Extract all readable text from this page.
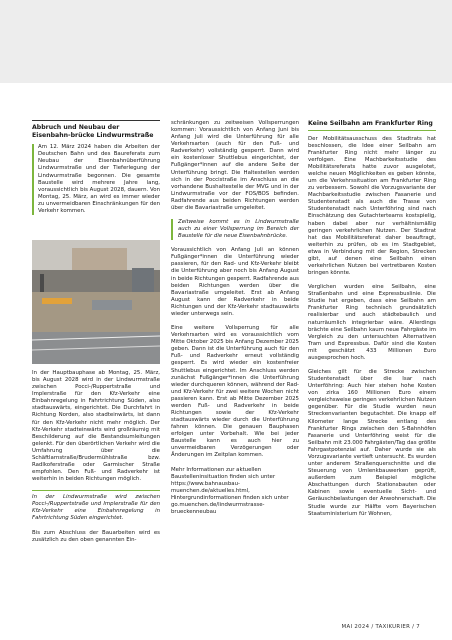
Abbruch und Neubau der Eisenbahn-brücke Lindwurmstraße

Am 12. März 2024 haben die Arbeiten der Deutschen Bahn und des Baureferats zum Neubau der Eisenbahnüberführung Lindwurmstraße und der Tieferlegung der Lindwurmstraße begonnen. Die gesamte Baustelle wird mehrere Jahre lang, voraussichtlich bis August 2028, dauern. Von Montag, 25. März, an wird es immer wieder zu unvermeidbaren Einschränkungen für den Verkehr kommen.

In der Hauptbauphase ab Montag, 25. März, bis August 2028 wird in der Lindwurmstraße zwischen Pocci-/Ruppertstraße und Implerstraße für den Kfz-Verkehr eine Einbahnregelung in Fahrtrichtung Süden, also stadtauswärts, eingerichtet. Die Durchfahrt in Richtung Norden, also stadteinwärts, ist dann für den Kfz-Verkehr nicht mehr möglich. Der Kfz-Verkehr stadteinwärts wird großräumig mit Beschilderung auf die Bestandsumleitungen gelenkt. Für den überörtlichen Verkehr wird die Umfahrung über die Schäftlarnstraße/Brudermühlstraße bzw. Radlkoferstraße oder Garmischer Straße empfohlen. Den Fuß- und Radverkehr ist weiterhin in beiden Richtungen möglich.

In der Lindwurmstraße wird zwischen Pocci-/Ruppertstraße und Implerstraße für den Kfz-Verkehr eine Einbahnregelung in Fahrtrichtung Süden eingerichtet.

Bis zum Abschluss der Bauarbeiten wird es zusätzlich zu den oben genannten Ein-

schränkungen zu zeitweisen Vollsperrungen kommen: Voraussichtlich von Anfang Juni bis Anfang Juli wird die Unterführung für alle Verkehrsarten (auch für den Fuß- und Radverkehr) vollständig gesperrt. Dann wird ein kostenloser Shuttlebus eingerichtet, der Fußgänger*innen auf die andere Seite der Unterführung bringt. Die Haltestellen werden sich in der Poccistraße im Anschluss an die vorhandene Bushaltestelle der MVG und in der Lindwurmstraße vor der FOS/BOS befinden. Radfahrende aus beiden Richtungen werden über die Bavariastraße umgeleitet.

Zeitweise kommt es in Lindwurmstraße auch zu einer Vollsperrung im Bereich der Baustelle für die neue Eisenbahnbrücke.

Voraussichtlich von Anfang Juli an können Fußgänger*innen die Unterführung wieder passieren, für den Rad- und Kfz-Verkehr bleibt die Unterführung aber noch bis Anfang August in beide Richtungen gesperrt. Radfahrende aus beiden Richtungen werden über die Bavariastraße umgeleitet. Erst ab Anfang August kann der Radverkehr in beide Richtungen und der Kfz-Verkehr stadtauswärts wieder unterwegs sein.

Eine weitere Vollsperrung für alle Verkehrsarten wird es voraussichtlich vom Mitte Oktober 2025 bis Anfang Dezember 2025 geben. Dann ist die Unterführung auch für den Fuß- und Radverkehr erneut vollständig gesperrt. Es wird wieder ein kostenfreier Shuttlebus eingerichtet. Im Anschluss werden zunächst Fußgänger*innen die Unterführung wieder durchqueren können, während der Rad- und Kfz-Verkehr für zwei weitere Wochen nicht passieren kann. Erst ab Mitte Dezember 2025 werden Fuß- und Radverkehr in beide Richtungen sowie der Kfz-Verkehr stadtauswärts wieder durch die Unterführung fahren können. Die genauen Bauphasen erfolgen unter Vorbehalt. Wie bei jeder Baustelle kann es auch hier zu unvermeidbaren Verzögerungen oder Änderungen im Zeitplan kommen.

Mehr Informationen zur aktuellen Baustelleninsituation finden sich unter https://www.bahnausbau-muenchen.de/aktuelles.html, Hintergrundinformationen finden sich unter go.muenchen.de/lindwurmstrasse-brueckenneubau

Keine Seilbahn am Frankfurter Ring

Der Mobilitätsausschuss des Stadtrats hat beschlossen, die Idee einer Seilbahn am Frankfurter Ring nicht mehr länger zu verfolgen. Eine Machbarkeitsstudie des Mobilitätsreferats hatte zuvor ausgelotet, welche neuen Möglichkeiten es geben könnte, um die Verkehrssituation am Frankfurter Ring zu verbessern. Sowohl die Vorzugsvariante der Machbarkeitsstudie zwischen Fasanerie und Studentenstadt als auch die Trasse von Studentenstadt nach Unterföhring sind nach Einschätzung des Gutachterteams kostspielig, haben dabei aber nur verhältnismäßig geringen verkehrlichen Nutzen. Der Stadtrat hat das Mobilitätsreferat daher beauftragt, weiterhin zu prüfen, ob es im Stadtgebiet, etwa in Verbindung mit der Region, Strecken gibt, auf denen eine Seilbahn einen verkehrlichen Nutzen bei vertretbaren Kosten bringen könnte.

Verglichen wurden eine Seilbahn, eine Straßenbahn und eine Expressbuslinie. Die Studie hat ergeben, dass eine Seilbahn am Frankfurter Ring technisch grundsätzlich realisierbar und auch städtebaulich und naturräumlich integrierbar wäre. Allerdings brächte eine Seilbahn kaum neue Fahrgäste im Vergleich zu den untersuchten Alternativen Tram und Expressbus. Dafür sind die Kosten mit geschätzt 433 Millionen Euro ausgesprochen hoch.

Gleiches gilt für die Strecke zwischen Studentenstadt über die Isar nach Unterföhring: Auch hier stehen hohe Kosten von zirka 160 Millionen Euro einem vergleichsweise geringen verkehrlichen Nutzen gegenüber. Für die Studie wurden neun Streckenvarianten begutachtet. Die knapp elf Kilometer lange Strecke entlang des Frankfurter Rings zwischen den S-Bahnhöfen Fasanerie und Unterföhring weist für die Seilbahn mit 23.000 Fahrgästen/Tag das größte Fahrgastpotenzial auf. Daher wurde sie als Vorzugsvariante vertieft untersucht. Es wurden unter anderem Straßenquerschnitte und die Steuerung von Umlenkbauwerken geprüft, außerdem zum Beispiel mögliche Abschattungen durch Stationsbauten oder Kabinen sowie eventuelle Sicht- und Geräuschbelastungen der Anwohnerschaft. Die Studie wurde zur Hälfte vom Bayerischen Staatsministerium für Wohnen,

MAI 2024 / TAXIKURIER / 7
